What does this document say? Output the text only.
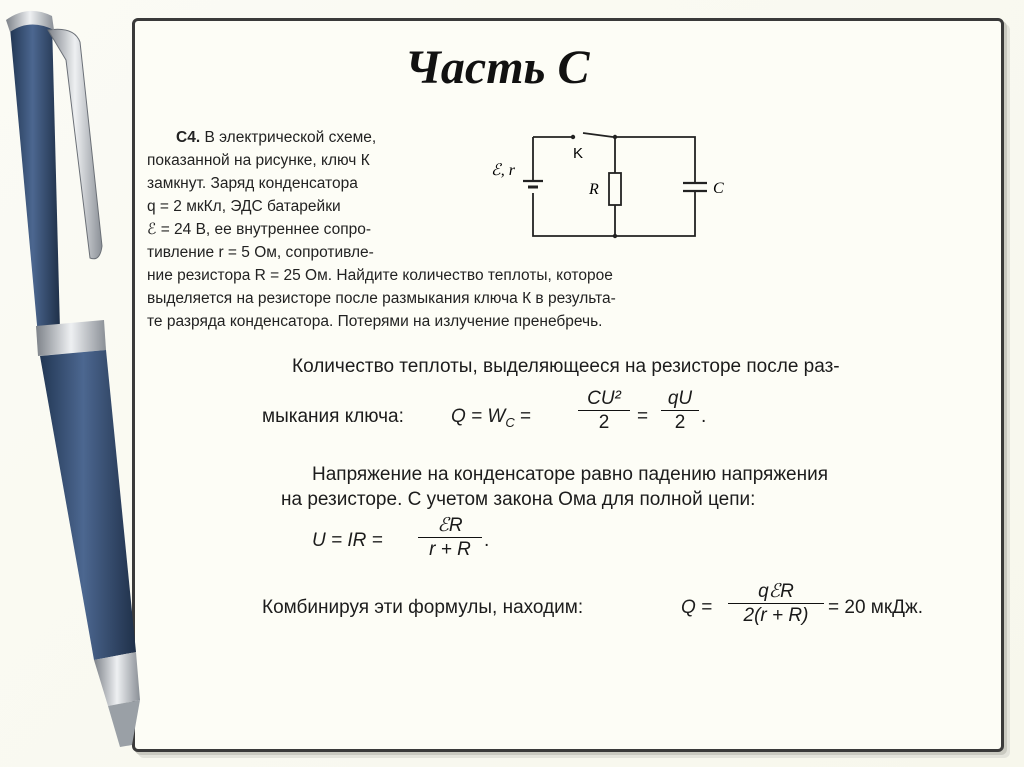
Часть С
С4. В электрической схеме,
показанной на рисунке, ключ К
замкнут. Заряд конденсатора
q = 2 мкКл, ЭДС батарейки
ℰ = 24 В, ее внутреннее сопро-
тивление r = 5 Ом, сопротивле-
ние резистора R = 25 Ом. Найдите количество теплоты, которое
выделяется на резисторе после размыкания ключа К в результа-
те разряда конденсатора. Потерями на излучение пренебречь.
ℰ, r
K
R	C
Количество теплоты, выделяющееся на резисторе после раз-
мыкания ключа: $Q = W_C = \frac{\text{CU²}}{2} = \frac{qU}{2}$ .
Напряжение на конденсаторе равно падению напряжения
на резисторе. С учетом закона Ома для полной цепи:
U = IR =
ℰR
r + R .
Комбинируя эти формулы, находим:	Q =
qℰR
2(r + R)	= 20 мкДж.
